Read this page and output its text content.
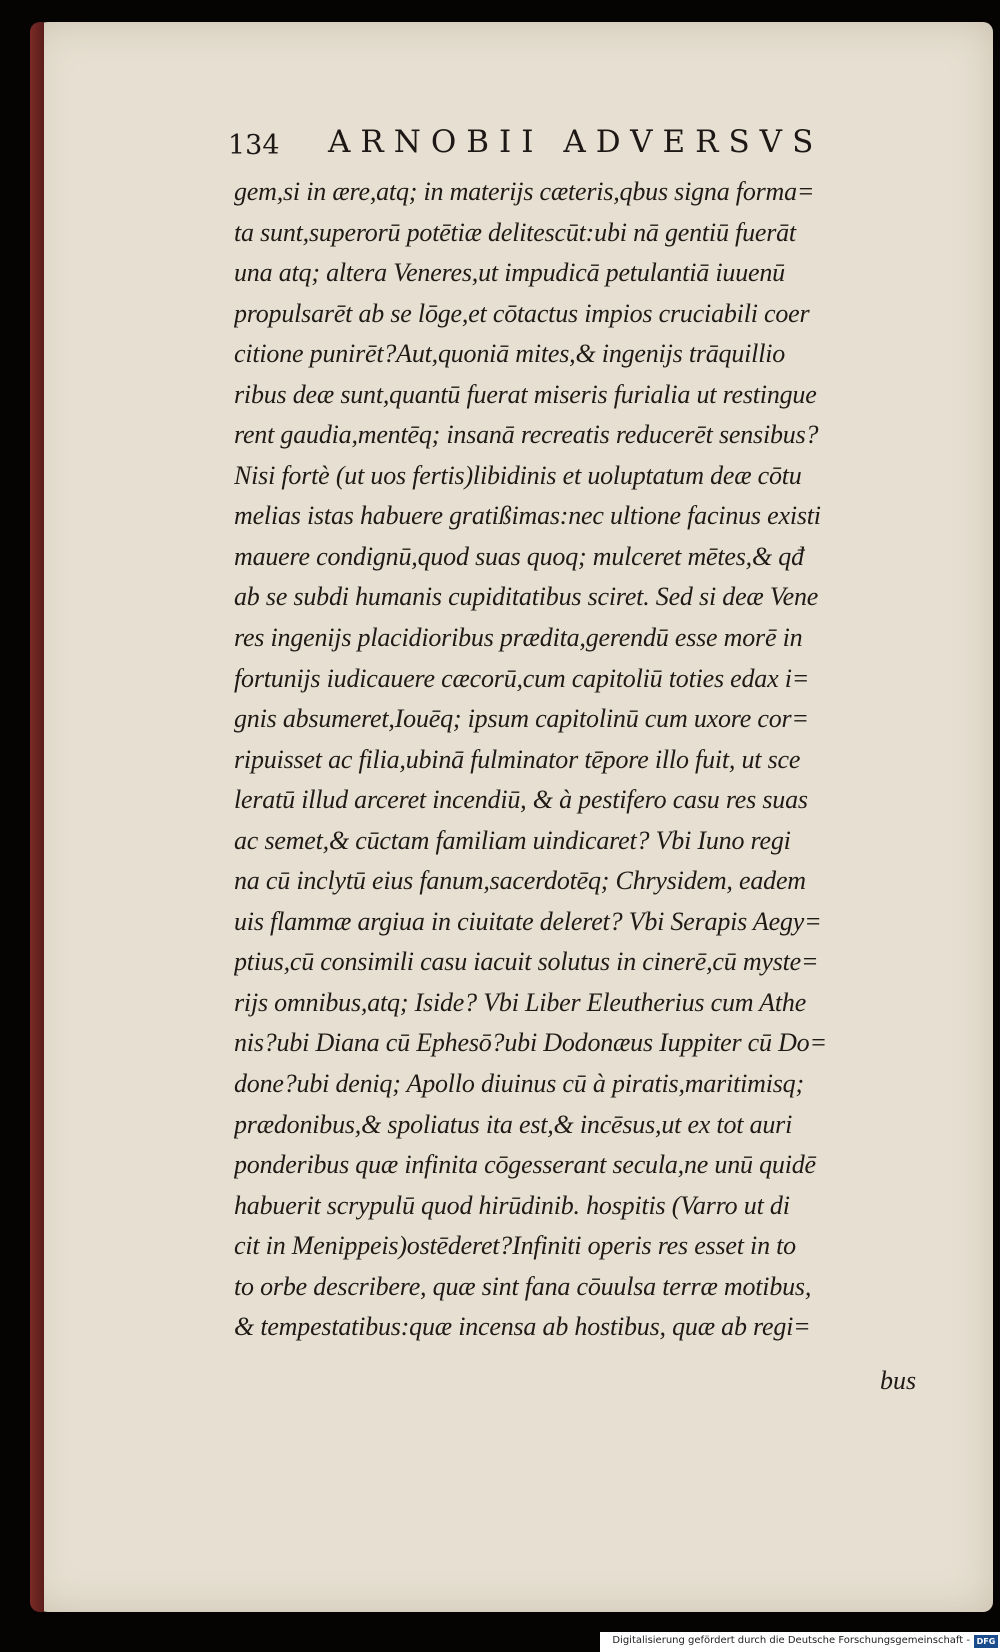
134 ARNOBII ADVERSVS
gem,si in ære,atq; in materijs cæteris,qbus signa forma=
ta sunt,superorū potētiæ delitescūt:ubi nā gentiū fuerāt
una atq; altera Veneres,ut impudicā petulantiā iuuenū
propulsarēt ab se lōge,et cōtactus impios cruciabili coer
citione punirēt?Aut,quoniā mites,& ingenijs trāquillio
ribus deæ sunt,quantū fuerat miseris furialia ut restingue
rent gaudia,mentēq; insanā recreatis reducerēt sensibus?
Nisi fortè (ut uos fertis)libidinis et uoluptatum deæ cōtu
melias istas habuere gratißimas:nec ultione facinus existi
mauere condignū,quod suas quoq; mulceret mētes,& qđ
ab se subdi humanis cupiditatibus sciret. Sed si deæ Vene
res ingenijs placidioribus prædita,gerendū esse morē in
fortunijs iudicauere cæcorū,cum capitoliū toties edax i=
gnis absumeret,Iouēq; ipsum capitolinū cum uxore cor=
ripuisset ac filia,ubinā fulminator tēpore illo fuit, ut sce
leratū illud arceret incendiū, & à pestifero casu res suas
ac semet,& cūctam familiam uindicaret? Vbi Iuno regi
na cū inclytū eius fanum,sacerdotēq; Chrysidem, eadem
uis flammæ argiua in ciuitate deleret? Vbi Serapis Aegy=
ptius,cū consimili casu iacuit solutus in cinerē,cū myste=
rijs omnibus,atq; Iside? Vbi Liber Eleutherius cum Athe
nis?ubi Diana cū Ephesō?ubi Dodonæus Iuppiter cū Do=
done?ubi deniq; Apollo diuinus cū à piratis,maritimisq;
prædonibus,& spoliatus ita est,& incēsus,ut ex tot auri
ponderibus quæ infinita cōgesserant secula,ne unū quidē
habuerit scrypulū quod hirūdinib. hospitis (Varro ut di
cit in Menippeis)ostēderet?Infiniti operis res esset in to
to orbe describere, quæ sint fana cōuulsa terræ motibus,
& tempestatibus:quæ incensa ab hostibus, quæ ab regi=
bus
Digitalisierung gefördert durch die Deutsche Forschungsgemeinschaft - DFG
